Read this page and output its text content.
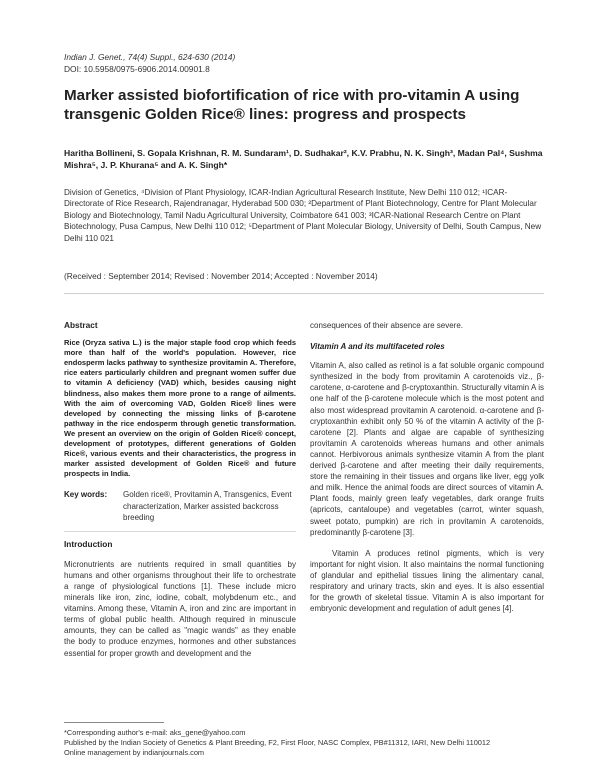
Indian J. Genet., 74(4) Suppl., 624-630 (2014)
DOI: 10.5958/0975-6906.2014.00901.8
Marker assisted biofortification of rice with pro-vitamin A using transgenic Golden Rice® lines: progress and prospects
Haritha Bollineni, S. Gopala Krishnan, R. M. Sundaram¹, D. Sudhakar², K.V. Prabhu, N. K. Singh³, Madan Pal⁴, Sushma Mishra⁵, J. P. Khurana⁵ and A. K. Singh*
Division of Genetics, ⁴Division of Plant Physiology, ICAR-Indian Agricultural Research Institute, New Delhi 110 012; ¹ICAR-Directorate of Rice Research, Rajendranagar, Hyderabad 500 030; ²Department of Plant Biotechnology, Centre for Plant Molecular Biology and Biotechnology, Tamil Nadu Agricultural University, Coimbatore 641 003; ³ICAR-National Research Centre on Plant Biotechnology, Pusa Campus, New Delhi 110 012; ⁵Department of Plant Molecular Biology, University of Delhi, South Campus, New Delhi 110 021
(Received : September 2014; Revised : November 2014; Accepted : November 2014)
Abstract
Rice (Oryza sativa L.) is the major staple food crop which feeds more than half of the world's population. However, rice endosperm lacks pathway to synthesize provitamin A. Therefore, rice eaters particularly children and pregnant women suffer due to vitamin A deficiency (VAD) which, besides causing night blindness, also makes them more prone to a range of ailments. With the aim of overcoming VAD, Golden Rice® lines were developed by connecting the missing links of β-carotene pathway in the rice endosperm through genetic transformation. We present an overview on the origin of Golden Rice® concept, development of prototypes, different generations of Golden Rice®, various events and their characteristics, the progress in marker assisted development of Golden Rice® and future prospects in India.
Key words:	Golden rice®, Provitamin A, Transgenics, Event characterization, Marker assisted backcross breeding
Introduction
Micronutrients are nutrients required in small quantities by humans and other organisms throughout their life to orchestrate a range of physiological functions [1]. These include micro minerals like iron, zinc, iodine, cobalt, molybdenum etc., and vitamins. Among these, Vitamin A, iron and zinc are important in terms of global public health. Although required in minuscule amounts, they can be called as "magic wands" as they enable the body to produce enzymes, hormones and other substances essential for proper growth and development and the
consequences of their absence are severe.
Vitamin A and its multifaceted roles
Vitamin A, also called as retinol is a fat soluble organic compound synthesized in the body from provitamin A carotenoids viz., β-carotene, α-carotene and β-cryptoxanthin. Structurally vitamin A is one half of the β-carotene molecule which is the most potent and also most widespread provitamin A carotenoid. α-carotene and β- cryptoxanthin exhibit only 50 % of the vitamin A activity of the β-carotene [2]. Plants and algae are capable of synthesizing provitamin A carotenoids whereas humans and other animals cannot. Herbivorous animals synthesize vitamin A from the plant derived β-carotene and after meeting their daily requirements, store the remaining in their tissues and organs like liver, egg yolk and milk. Hence the animal foods are direct sources of vitamin A. Plant foods, mainly green leafy vegetables, dark orange fruits (apricots, cantaloupe) and vegetables (carrot, winter squash, sweet potato, pumpkin) are rich in provitamin A carotenoids, predominantly β-carotene [3].
Vitamin A produces retinol pigments, which is very important for night vision. It also maintains the normal functioning of glandular and epithelial tissues lining the alimentary canal, respiratory and urinary tracts, skin and eyes. It is also essential for the growth of skeletal tissue. Vitamin A is also important for embryonic development and regulation of adult genes [4].
*Corresponding author's e-mail: aks_gene@yahoo.com
Published by the Indian Society of Genetics & Plant Breeding, F2, First Floor, NASC Complex, PB#11312, IARI, New Delhi 110012
Online management by indianjournals.com
